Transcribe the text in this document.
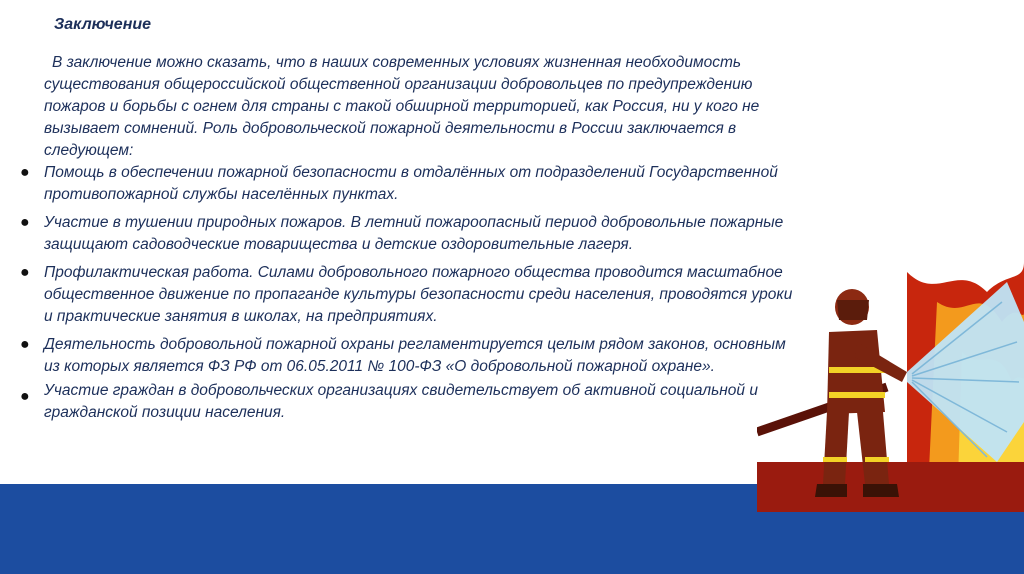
Заключение

В заключение можно сказать, что в наших современных условиях жизненная необходимость существования общероссийской общественной организации добровольцев по предупреждению пожаров и борьбы с огнем для страны с такой обширной территорией, как Россия, ни у кого не вызывает сомнений. Роль добровольческой пожарной деятельности в России заключается в следующем:

● Помощь в обеспечении пожарной безопасности в отдалённых от подразделений Государственной противопожарной службы населённых пунктах.
● Участие в тушении природных пожаров. В летний пожароопасный период добровольные пожарные защищают садоводческие товарищества и детские оздоровительные лагеря.
● Профилактическая работа. Силами добровольного пожарного общества проводится масштабное общественное движение по пропаганде культуры безопасности среди населения, проводятся уроки и практические занятия в школах, на предприятиях.
● Деятельность добровольной пожарной охраны регламентируется целым рядом законов, основным из которых является ФЗ РФ от 06.05.2011 № 100-ФЗ «О добровольной пожарной охране».
● Участие граждан в добровольческих организациях свидетельствует об активной социальной и гражданской позиции населения.
